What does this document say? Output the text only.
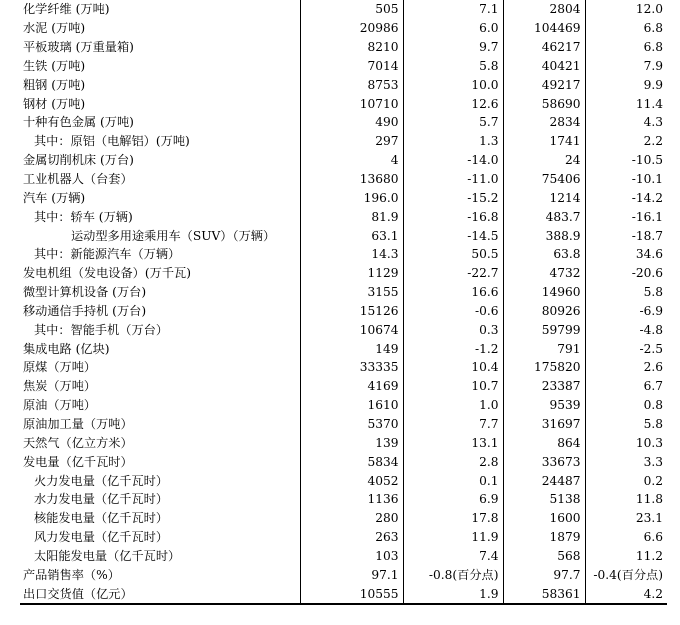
化学纤维 (万吨)	505	7.1	2804	12.0
水泥 (万吨)	20986	6.0	104469	6.8
平板玻璃 (万重量箱)	8210	9.7	46217	6.8
生铁 (万吨)	7014	5.8	40421	7.9
粗钢 (万吨)	8753	10.0	49217	9.9
钢材 (万吨)	10710	12.6	58690	11.4
十种有色金属 (万吨)	490	5.7	2834	4.3
其中：原铝（电解铝）(万吨)	297	1.3	1741	2.2
金属切削机床 (万台)	4	-14.0	24	-10.5
工业机器人（台套）	13680	-11.0	75406	-10.1
汽车 (万辆)	196.0	-15.2	1214	-14.2
其中：轿车 (万辆)	81.9	-16.8	483.7	-16.1
运动型多用途乘用车（SUV）（万辆）	63.1	-14.5	388.9	-18.7
其中：新能源汽车（万辆）	14.3	50.5	63.8	34.6
发电机组（发电设备）(万千瓦)	1129	-22.7	4732	-20.6
微型计算机设备 (万台)	3155	16.6	14960	5.8
移动通信手持机 (万台)	15126	-0.6	80926	-6.9
其中：智能手机（万台）	10674	0.3	59799	-4.8
集成电路 (亿块)	149	-1.2	791	-2.5
原煤（万吨）	33335	10.4	175820	2.6
焦炭（万吨）	4169	10.7	23387	6.7
原油（万吨）	1610	1.0	9539	0.8
原油加工量（万吨）	5370	7.7	31697	5.8
天然气（亿立方米）	139	13.1	864	10.3
发电量（亿千瓦时）	5834	2.8	33673	3.3
火力发电量（亿千瓦时）	4052	0.1	24487	0.2
水力发电量（亿千瓦时）	1136	6.9	5138	11.8
核能发电量（亿千瓦时）	280	17.8	1600	23.1
风力发电量（亿千瓦时）	263	11.9	1879	6.6
太阳能发电量（亿千瓦时）	103	7.4	568	11.2
产品销售率（%）	97.1	-0.8(百分点)	97.7	-0.4(百分点)
出口交货值（亿元）	10555	1.9	58361	4.2
